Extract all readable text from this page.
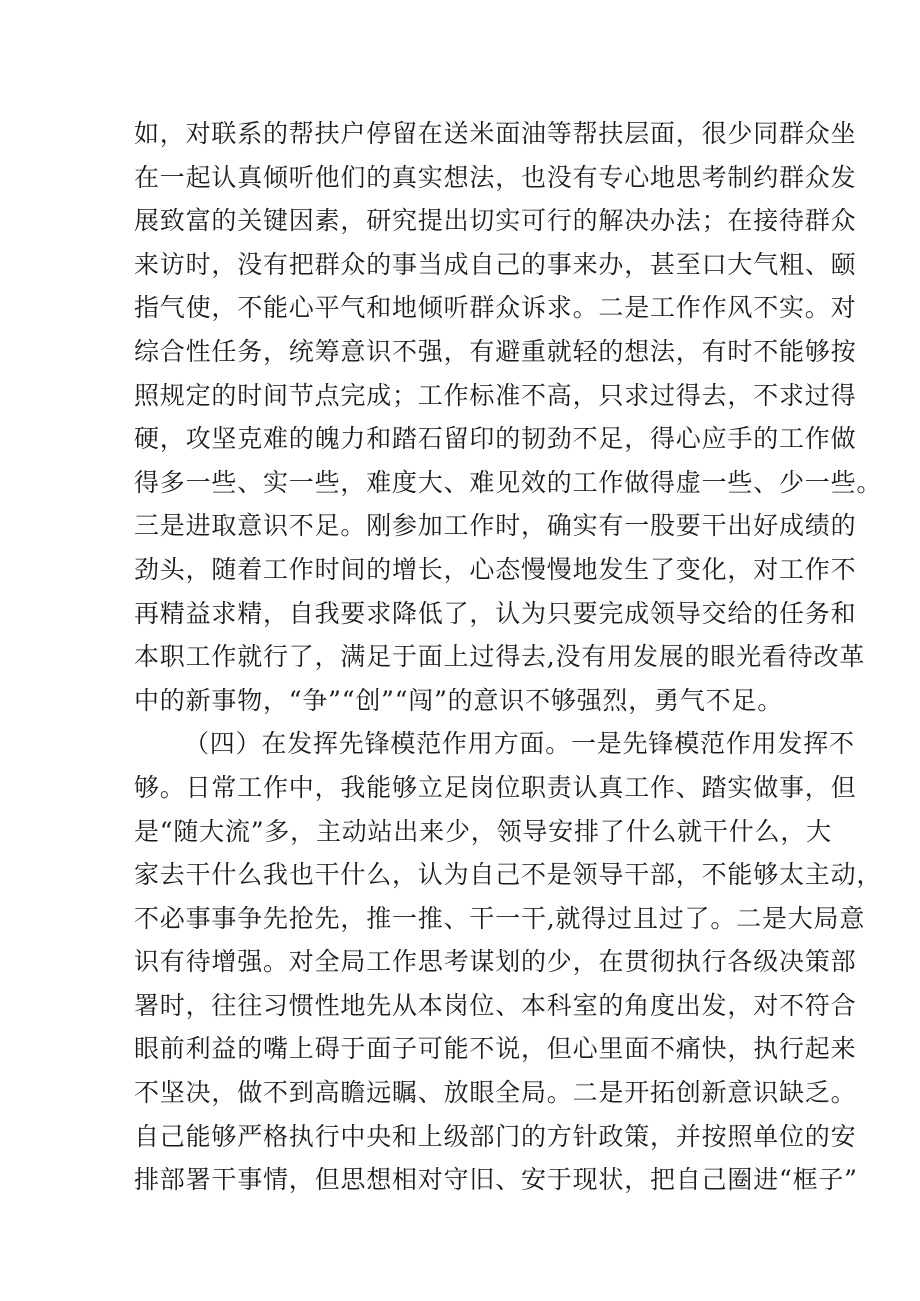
如，对联系的帮扶户停留在送米面油等帮扶层面，很少同群众坐
在一起认真倾听他们的真实想法，也没有专心地思考制约群众发
展致富的关键因素，研究提出切实可行的解决办法；在接待群众
来访时，没有把群众的事当成自己的事来办，甚至口大气粗、颐
指气使，不能心平气和地倾听群众诉求。二是工作作风不实。对
综合性任务，统筹意识不强，有避重就轻的想法，有时不能够按
照规定的时间节点完成；工作标准不高，只求过得去，不求过得
硬，攻坚克难的魄力和踏石留印的韧劲不足，得心应手的工作做
得多一些、实一些，难度大、难见效的工作做得虚一些、少一些。
三是进取意识不足。刚参加工作时，确实有一股要干出好成绩的
劲头，随着工作时间的增长，心态慢慢地发生了变化，对工作不
再精益求精，自我要求降低了，认为只要完成领导交给的任务和
本职工作就行了，满足于面上过得去,没有用发展的眼光看待改革
中的新事物，“争”“创”“闯”的意识不够强烈，勇气不足。
（四）在发挥先锋模范作用方面。一是先锋模范作用发挥不
够。日常工作中，我能够立足岗位职责认真工作、踏实做事，但
是“随大流”多，主动站出来少，领导安排了什么就干什么，大
家去干什么我也干什么，认为自己不是领导干部，不能够太主动，
不必事事争先抢先，推一推、干一干,就得过且过了。二是大局意
识有待增强。对全局工作思考谋划的少，在贯彻执行各级决策部
署时，往往习惯性地先从本岗位、本科室的角度出发，对不符合
眼前利益的嘴上碍于面子可能不说，但心里面不痛快，执行起来
不坚决，做不到高瞻远瞩、放眼全局。二是开拓创新意识缺乏。
自己能够严格执行中央和上级部门的方针政策，并按照单位的安
排部署干事情，但思想相对守旧、安于现状，把自己圈进“框子”
